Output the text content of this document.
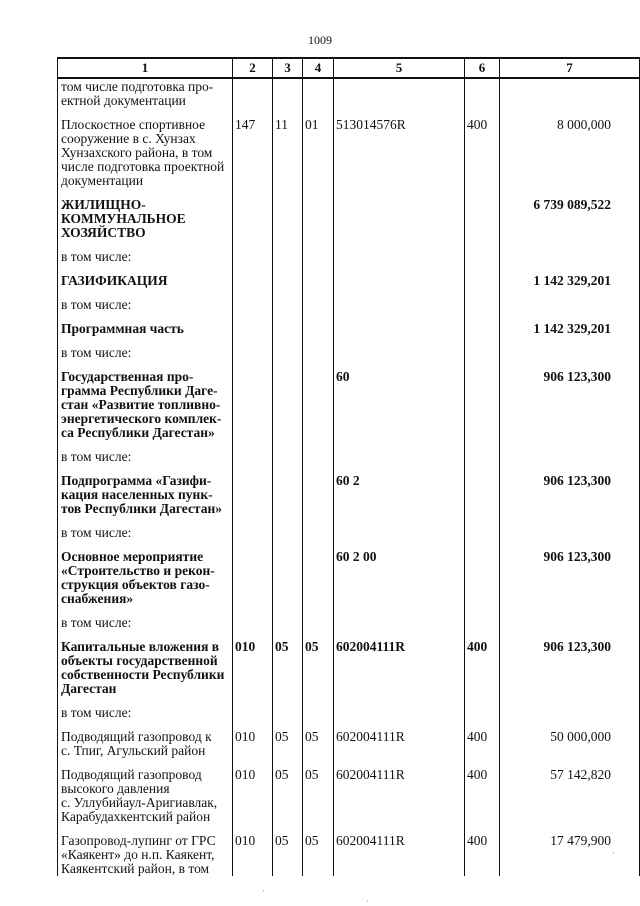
1009
1	2	3	4	5	6	7
том числе подготовка про-
ектной документации						
Плоскостное спортивное
сооружение в с. Хунзах
Хунзахского района, в том
числе подготовка проектной
документации	147	11	01	513014576R	400	8 000,000
ЖИЛИЩНО-
КОММУНАЛЬНОЕ
ХОЗЯЙСТВО						6 739 089,522
в том числе:						
ГАЗИФИКАЦИЯ						1 142 329,201
в том числе:						
Программная часть						1 142 329,201
в том числе:						
Государственная про-
грамма Республики Даге-
стан «Развитие топливно-
энергетического комплек-
са Республики Дагестан»				60		906 123,300
в том числе:						
Подпрограмма «Газифи-
кация населенных пунк-
тов Республики Дагестан»				60 2		906 123,300
в том числе:						
Основное мероприятие
«Строительство и рекон-
струкция объектов газо-
снабжения»				60 2 00		906 123,300
в том числе:						
Капитальные вложения в
объекты государственной
собственности Республики
Дагестан	010	05	05	602004111R	400	906 123,300
в том числе:						
Подводящий газопровод к
с. Тпиг, Агульский район	010	05	05	602004111R	400	50 000,000
Подводящий газопровод
высокого давления
с. Уллубийаул-Аригиавлак,
Карабудахкентский район	010	05	05	602004111R	400	57 142,820
Газопровод-лупинг от ГРС
«Каякент» до н.п. Каякент,
Каякентский район, в том	010	05	05	602004111R	400	17 479,900
·
·
·
